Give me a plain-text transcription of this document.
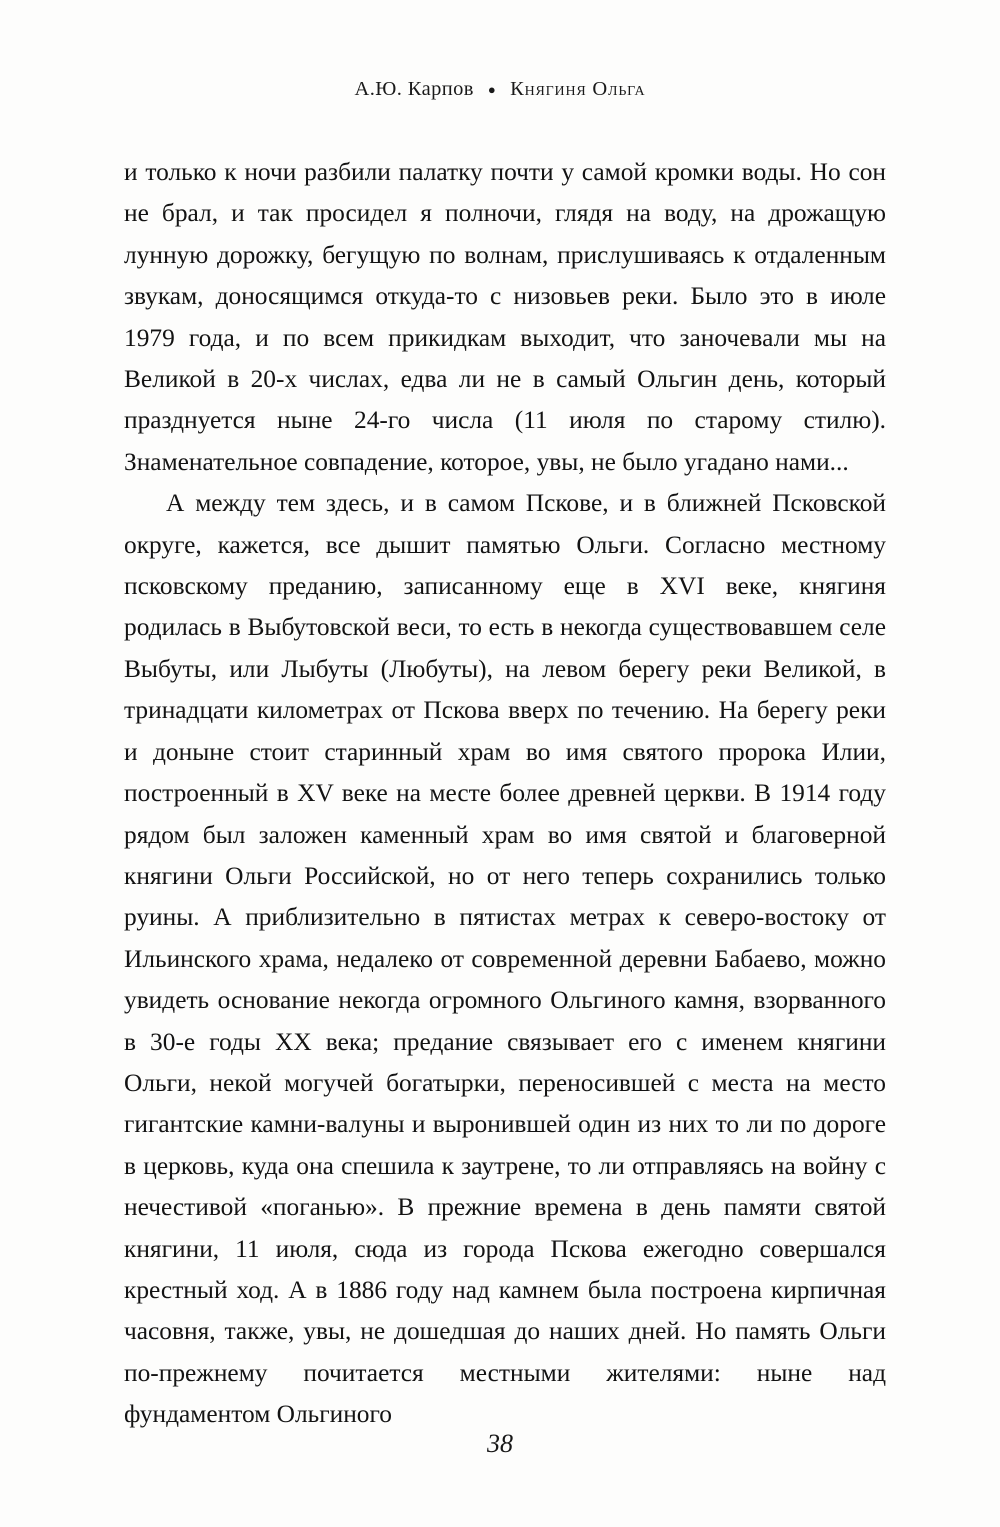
А.Ю. Карпов ● Княгиня Ольга

и только к ночи разбили палатку почти у самой кромки воды. Но сон не брал, и так просидел я полночи, глядя на воду, на дрожащую лунную дорожку, бегущую по волнам, прислушиваясь к отдаленным звукам, доносящимся откуда-то с низовьев реки. Было это в июле 1979 года, и по всем прикидкам выходит, что заночевали мы на Великой в 20-х числах, едва ли не в самый Ольгин день, который празднуется ныне 24-го числа (11 июля по старому стилю). Знаменательное совпадение, которое, увы, не было угадано нами...

А между тем здесь, и в самом Пскове, и в ближней Псковской округе, кажется, все дышит памятью Ольги. Согласно местному псковскому преданию, записанному еще в XVI веке, княгиня родилась в Выбутовской веси, то есть в некогда существовавшем селе Выбуты, или Лыбуты (Любуты), на левом берегу реки Великой, в тринадцати километрах от Пскова вверх по течению. На берегу реки и доныне стоит старинный храм во имя святого пророка Илии, построенный в XV веке на месте более древней церкви. В 1914 году рядом был заложен каменный храм во имя святой и благоверной княгини Ольги Российской, но от него теперь сохранились только руины. А приблизительно в пятистах метрах к северо-востоку от Ильинского храма, недалеко от современной деревни Бабаево, можно увидеть основание некогда огромного Ольгиного камня, взорванного в 30-е годы XX века; предание связывает его с именем княгини Ольги, некой могучей богатырки, переносившей с места на место гигантские камни-валуны и выронившей один из них то ли по дороге в церковь, куда она спешила к заутрене, то ли отправляясь на войну с нечестивой «поганью». В прежние времена в день памяти святой княгини, 11 июля, сюда из города Пскова ежегодно совершался крестный ход. А в 1886 году над камнем была построена кирпичная часовня, также, увы, не дошедшая до наших дней. Но память Ольги по-прежнему почитается местными жителями: ныне над фундаментом Ольгиного

38
